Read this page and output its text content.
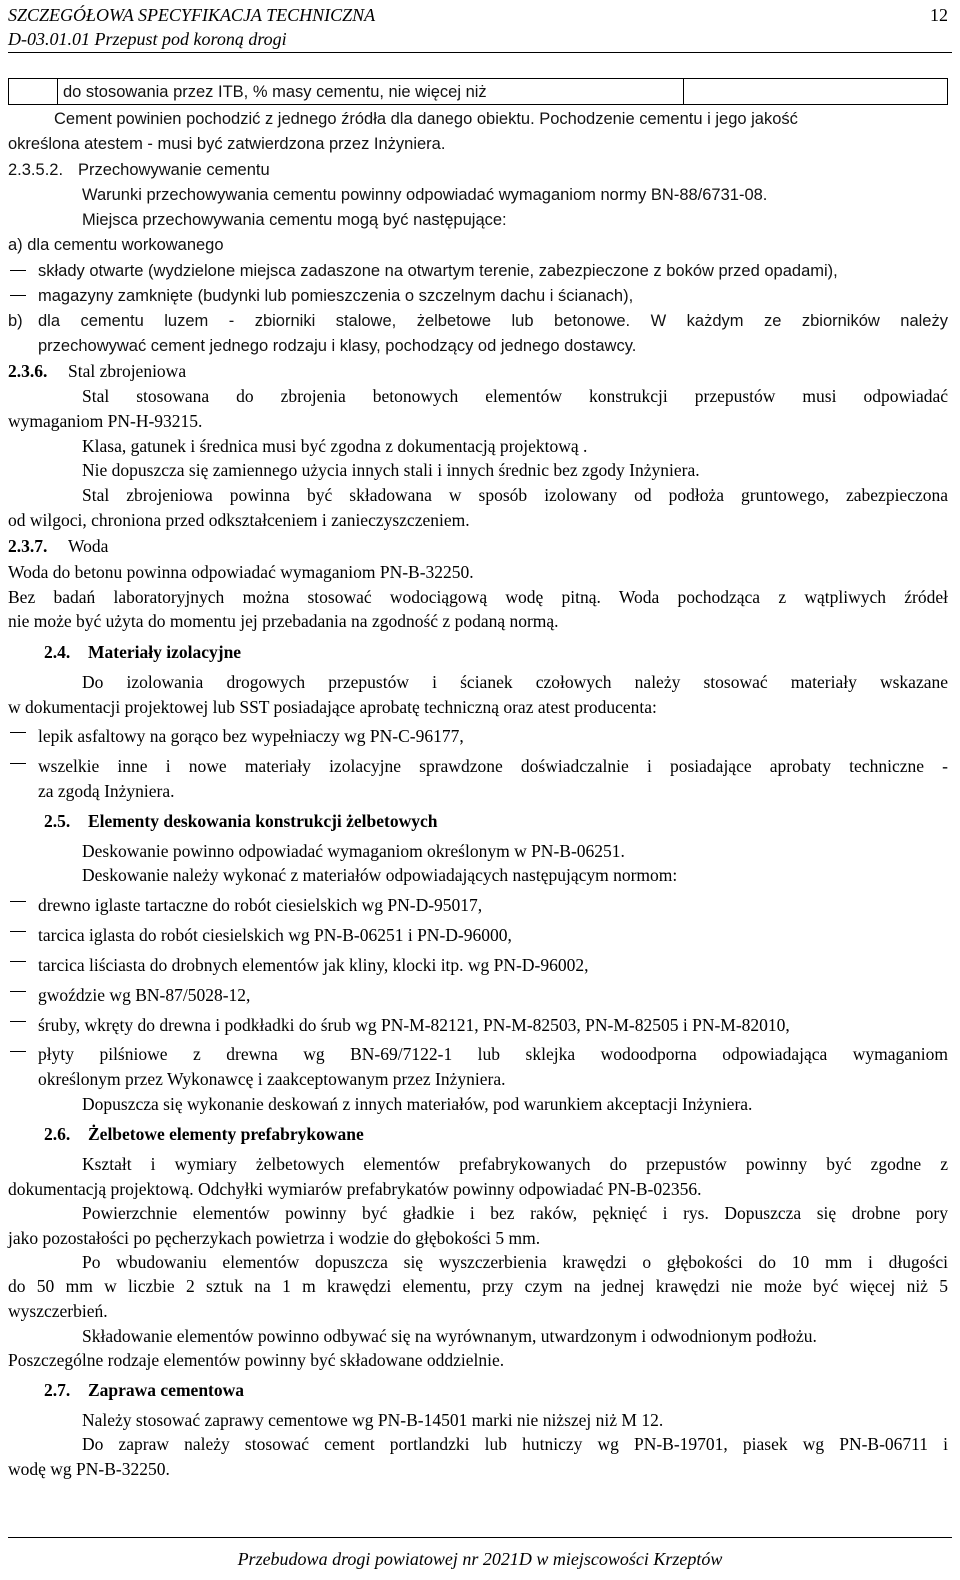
SZCZEGÓŁOWA SPECYFIKACJA TECHNICZNA
D-03.01.01 Przepust pod koroną drogi
12
do stosowania przez ITB, % masy cementu, nie więcej niż
Cement powinien pochodzić z jednego źródła dla danego obiektu. Pochodzenie cementu i jego jakość
określona atestem - musi być zatwierdzona przez Inżyniera.
2.3.5.2. Przechowywanie cementu
Warunki przechowywania cementu powinny odpowiadać wymaganiom normy BN-88/6731-08.
Miejsca przechowywania cementu mogą być następujące:
a) dla cementu workowanego
składy otwarte (wydzielone miejsca zadaszone na otwartym terenie, zabezpieczone z boków przed opadami),
magazyny zamknięte (budynki lub pomieszczenia o szczelnym dachu i ścianach),
b) dla cementu luzem - zbiorniki stalowe, żelbetowe lub betonowe. W każdym ze zbiorników należy
przechowywać cement jednego rodzaju i klasy, pochodzący od jednego dostawcy.
2.3.6. Stal zbrojeniowa
Stal stosowana do zbrojenia betonowych elementów konstrukcji przepustów musi odpowiadać
wymaganiom PN-H-93215.
Klasa, gatunek i średnica musi być zgodna z dokumentacją projektową .
Nie dopuszcza się zamiennego użycia innych stali i innych średnic bez zgody Inżyniera.
Stal zbrojeniowa powinna być składowana w sposób izolowany od podłoża gruntowego, zabezpieczona
od wilgoci, chroniona przed odkształceniem i zanieczyszczeniem.
2.3.7. Woda
Woda do betonu powinna odpowiadać wymaganiom PN-B-32250.
Bez badań laboratoryjnych można stosować wodociągową wodę pitną. Woda pochodząca z wątpliwych źródeł
nie może być użyta do momentu jej przebadania na zgodność z podaną normą.
2.4. Materiały izolacyjne
Do izolowania drogowych przepustów i ścianek czołowych należy stosować materiały wskazane
w dokumentacji projektowej lub SST posiadające aprobatę techniczną oraz atest producenta:
lepik asfaltowy na gorąco bez wypełniaczy wg PN-C-96177,
wszelkie inne i nowe materiały izolacyjne sprawdzone doświadczalnie i posiadające aprobaty techniczne -
za zgodą Inżyniera.
2.5. Elementy deskowania konstrukcji żelbetowych
Deskowanie powinno odpowiadać wymaganiom określonym w PN-B-06251.
Deskowanie należy wykonać z materiałów odpowiadających następującym normom:
drewno iglaste tartaczne do robót ciesielskich wg PN-D-95017,
tarcica iglasta do robót ciesielskich wg PN-B-06251 i PN-D-96000,
tarcica liściasta do drobnych elementów jak kliny, klocki itp. wg PN-D-96002,
gwoździe wg BN-87/5028-12,
śruby, wkręty do drewna i podkładki do śrub wg PN-M-82121, PN-M-82503, PN-M-82505 i PN-M-82010,
płyty pilśniowe z drewna wg BN-69/7122-1 lub sklejka wodoodporna odpowiadająca wymaganiom
określonym przez Wykonawcę i zaakceptowanym przez Inżyniera.
Dopuszcza się wykonanie deskowań z innych materiałów, pod warunkiem akceptacji Inżyniera.
2.6. Żelbetowe elementy prefabrykowane
Kształt i wymiary żelbetowych elementów prefabrykowanych do przepustów powinny być zgodne z
dokumentacją projektową. Odchyłki wymiarów prefabrykatów powinny odpowiadać PN-B-02356.
Powierzchnie elementów powinny być gładkie i bez raków, pęknięć i rys. Dopuszcza się drobne pory
jako pozostałości po pęcherzykach powietrza i wodzie do głębokości 5 mm.
Po wbudowaniu elementów dopuszcza się wyszczerbienia krawędzi o głębokości do 10 mm i długości
do 50 mm w liczbie 2 sztuk na 1 m krawędzi elementu, przy czym na jednej krawędzi nie może być więcej niż 5
wyszczerbień.
Składowanie elementów powinno odbywać się na wyrównanym, utwardzonym i odwodnionym podłożu.
Poszczególne rodzaje elementów powinny być składowane oddzielnie.
2.7. Zaprawa cementowa
Należy stosować zaprawy cementowe wg PN-B-14501 marki nie niższej niż M 12.
Do zapraw należy stosować cement portlandzki lub hutniczy wg PN-B-19701, piasek wg PN-B-06711 i
wodę wg PN-B-32250.
Przebudowa drogi powiatowej nr 2021D w miejscowości Krzeptów
